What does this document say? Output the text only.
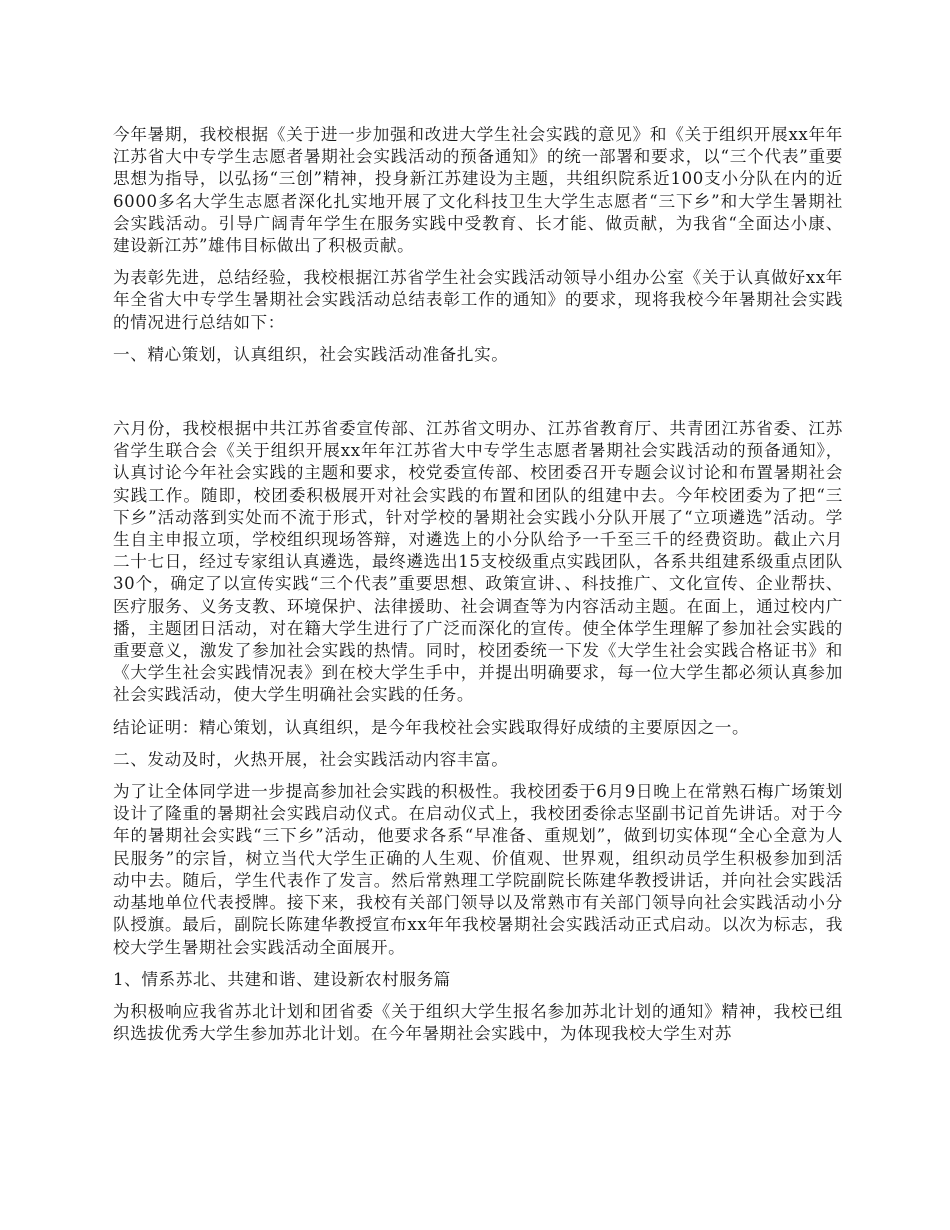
今年暑期，我校根据《关于进一步加强和改进大学生社会实践的意见》和《关于组织开展xx年年江苏省大中专学生志愿者暑期社会实践活动的预备通知》的统一部署和要求，以“三个代表”重要思想为指导，以弘扬“三创”精神，投身新江苏建设为主题，共组织院系近100支小分队在内的近6000多名大学生志愿者深化扎实地开展了文化科技卫生大学生志愿者“三下乡”和大学生暑期社会实践活动。引导广阔青年学生在服务实践中受教育、长才能、做贡献，为我省“全面达小康、建设新江苏”雄伟目标做出了积极贡献。

为表彰先进，总结经验，我校根据江苏省学生社会实践活动领导小组办公室《关于认真做好xx年年全省大中专学生暑期社会实践活动总结表彰工作的通知》的要求，现将我校今年暑期社会实践的情况进行总结如下：

一、精心策划，认真组织，社会实践活动准备扎实。

六月份，我校根据中共江苏省委宣传部、江苏省文明办、江苏省教育厅、共青团江苏省委、江苏省学生联合会《关于组织开展xx年年江苏省大中专学生志愿者暑期社会实践活动的预备通知》，认真讨论今年社会实践的主题和要求，校党委宣传部、校团委召开专题会议讨论和布置暑期社会实践工作。随即，校团委积极展开对社会实践的布置和团队的组建中去。今年校团委为了把“三下乡”活动落到实处而不流于形式，针对学校的暑期社会实践小分队开展了“立项遴选”活动。学生自主申报立项，学校组织现场答辩，对遴选上的小分队给予一千至三千的经费资助。截止六月二十七日，经过专家组认真遴选，最终遴选出15支校级重点实践团队，各系共组建系级重点团队30个，确定了以宣传实践“三个代表”重要思想、政策宣讲、、科技推广、文化宣传、企业帮扶、医疗服务、义务支教、环境保护、法律援助、社会调查等为内容活动主题。在面上，通过校内广播，主题团日活动，对在籍大学生进行了广泛而深化的宣传。使全体学生理解了参加社会实践的重要意义，激发了参加社会实践的热情。同时，校团委统一下发《大学生社会实践合格证书》和《大学生社会实践情况表》到在校大学生手中，并提出明确要求，每一位大学生都必须认真参加社会实践活动，使大学生明确社会实践的任务。

结论证明：精心策划，认真组织，是今年我校社会实践取得好成绩的主要原因之一。

二、发动及时，火热开展，社会实践活动内容丰富。

为了让全体同学进一步提高参加社会实践的积极性。我校团委于6月9日晚上在常熟石梅广场策划设计了隆重的暑期社会实践启动仪式。在启动仪式上，我校团委徐志坚副书记首先讲话。对于今年的暑期社会实践“三下乡”活动，他要求各系“早准备、重规划”，做到切实体现“全心全意为人民服务”的宗旨，树立当代大学生正确的人生观、价值观、世界观，组织动员学生积极参加到活动中去。随后，学生代表作了发言。然后常熟理工学院副院长陈建华教授讲话，并向社会实践活动基地单位代表授牌。接下来，我校有关部门领导以及常熟市有关部门领导向社会实践活动小分队授旗。最后，副院长陈建华教授宣布xx年年我校暑期社会实践活动正式启动。以次为标志，我校大学生暑期社会实践活动全面展开。

1、情系苏北、共建和谐、建设新农村服务篇

为积极响应我省苏北计划和团省委《关于组织大学生报名参加苏北计划的通知》精神，我校已组织选拔优秀大学生参加苏北计划。在今年暑期社会实践中，为体现我校大学生对苏
